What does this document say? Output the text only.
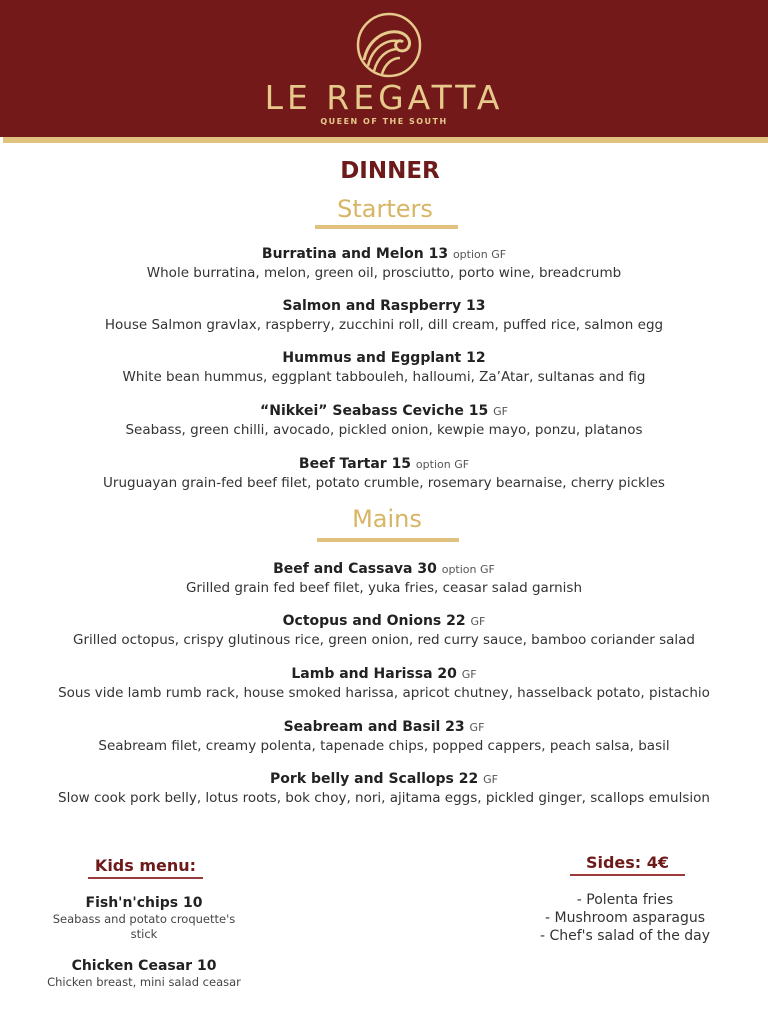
LE REGATTA
QUEEN OF THE SOUTH
DINNER
Starters
Burratina and Melon 13 option GF
Whole burratina, melon, green oil, prosciutto, porto wine, breadcrumb
Salmon and Raspberry 13
House Salmon gravlax, raspberry, zucchini roll, dill cream, puffed rice, salmon egg
Hummus and Eggplant 12
White bean hummus, eggplant tabbouleh, halloumi, Za’Atar, sultanas and fig
“Nikkei” Seabass Ceviche 15 GF
Seabass, green chilli, avocado, pickled onion, kewpie mayo, ponzu, platanos
Beef Tartar 15 option GF
Uruguayan grain-fed beef filet, potato crumble, rosemary bearnaise, cherry pickles
Mains
Beef and Cassava 30 option GF
Grilled grain fed beef filet, yuka fries, ceasar salad garnish
Octopus and Onions 22 GF
Grilled octopus, crispy glutinous rice, green onion, red curry sauce, bamboo coriander salad
Lamb and Harissa 20 GF
Sous vide lamb rumb rack, house smoked harissa, apricot chutney, hasselback potato, pistachio
Seabream and Basil 23 GF
Seabream filet, creamy polenta, tapenade chips, popped cappers, peach salsa, basil
Pork belly and Scallops 22 GF
Slow cook pork belly, lotus roots, bok choy, nori, ajitama eggs, pickled ginger, scallops emulsion
Kids menu:
Fish'n'chips 10
Seabass and potato croquette's stick
Chicken Ceasar 10
Chicken breast, mini salad ceasar
Sides: 4€
- Polenta fries
- Mushroom asparagus
- Chef's salad of the day
